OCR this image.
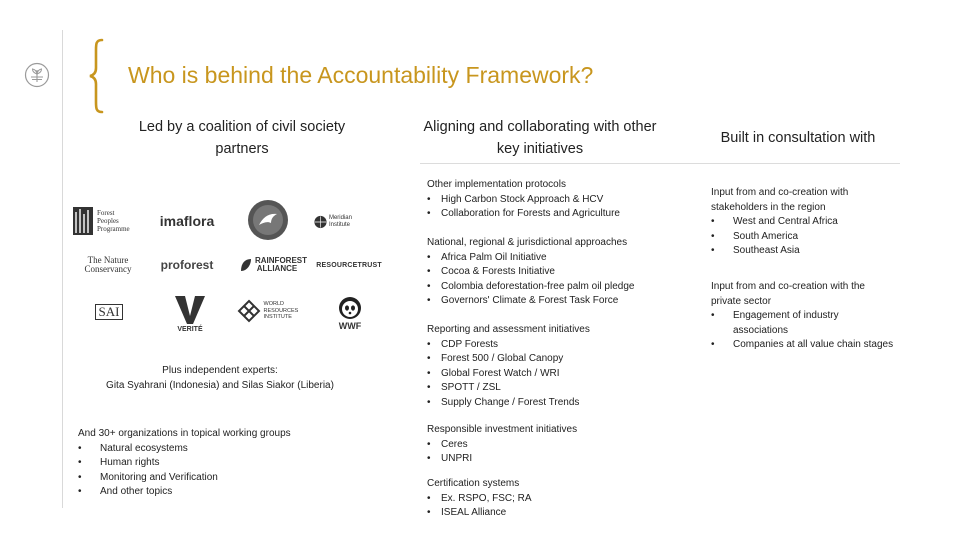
Who is behind the Accountability Framework?
Led by a coalition of civil society partners
Aligning and collaborating with other key initiatives
Built in consultation with
Forest Peoples Programme	imaflora	Meridian Institute
The Nature Conservancy	proforest	RAINFOREST ALLIANCE	RESOURCETRUST
SAI
VERITÉ
WORLD RESOURCES INSTITUTE
WWF
Plus independent experts:
Gita Syahrani (Indonesia) and Silas Siakor (Liberia)
And 30+ organizations in topical working groups
• Natural ecosystems
• Human rights
• Monitoring and Verification
• And other topics
Other implementation protocols
• High Carbon Stock Approach & HCV
• Collaboration for Forests and Agriculture
National, regional & jurisdictional approaches
• Africa Palm Oil Initiative
• Cocoa & Forests Initiative
• Colombia deforestation-free palm oil pledge
• Governors' Climate & Forest Task Force
Reporting and assessment initiatives
• CDP Forests
• Forest 500 / Global Canopy
• Global Forest Watch / WRI
• SPOTT / ZSL
• Supply Change / Forest Trends
Responsible investment initiatives
• Ceres
• UNPRI
Certification systems
• Ex. RSPO, FSC; RA
• ISEAL Alliance
Input from and co-creation with stakeholders in the region
• West and Central Africa
• South America
• Southeast Asia
Input from and co-creation with the private sector
• Engagement of industry associations
• Companies at all value chain stages
